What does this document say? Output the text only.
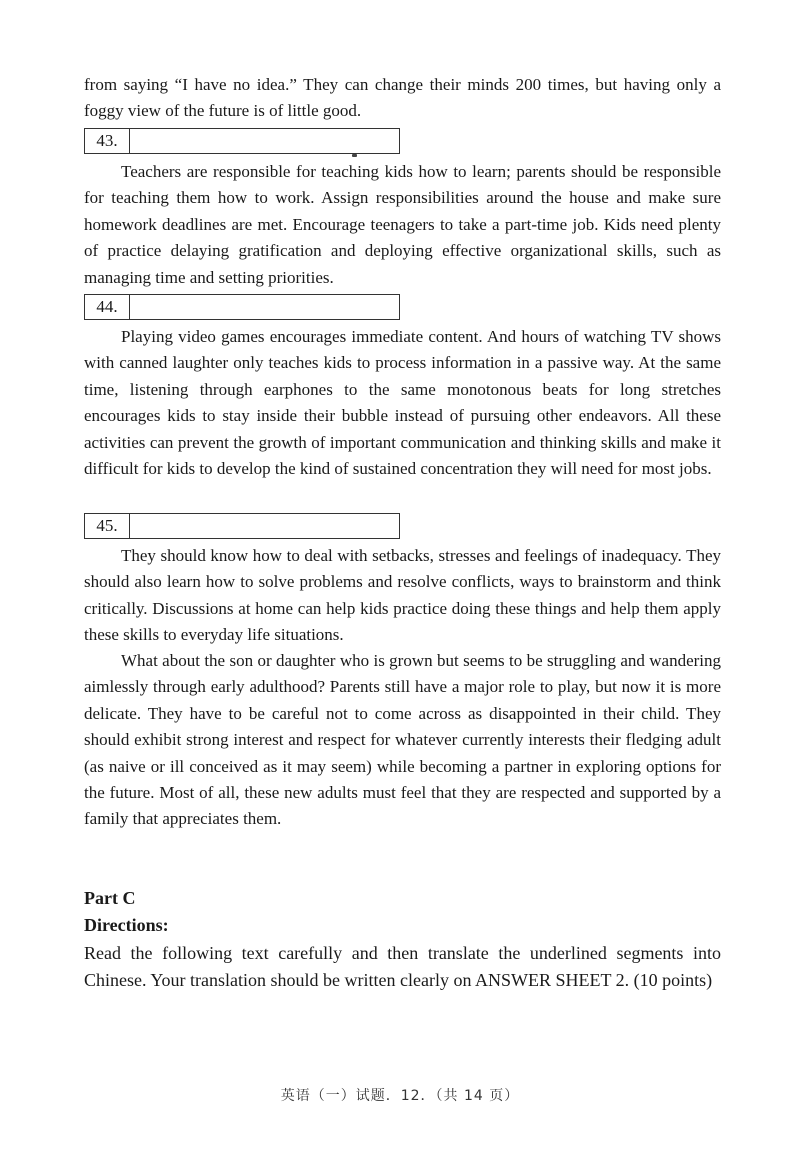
from saying “I have no idea.” They can change their minds 200 times, but having only a foggy view of the future is of little good.

43.

Teachers are responsible for teaching kids how to learn; parents should be responsible for teaching them how to work. Assign responsibilities around the house and make sure homework deadlines are met. Encourage teenagers to take a part-time job. Kids need plenty of practice delaying gratification and deploying effective organizational skills, such as managing time and setting priorities.

44.

Playing video games encourages immediate content. And hours of watching TV shows with canned laughter only teaches kids to process information in a passive way. At the same time, listening through earphones to the same monotonous beats for long stretches encourages kids to stay inside their bubble instead of pursuing other endeavors. All these activities can prevent the growth of important communication and thinking skills and make it difficult for kids to develop the kind of sustained concentration they will need for most jobs.

45.

They should know how to deal with setbacks, stresses and feelings of inadequacy. They should also learn how to solve problems and resolve conflicts, ways to brainstorm and think critically. Discussions at home can help kids practice doing these things and help them apply these skills to everyday life situations.

What about the son or daughter who is grown but seems to be struggling and wandering aimlessly through early adulthood? Parents still have a major role to play, but now it is more delicate. They have to be careful not to come across as disappointed in their child. They should exhibit strong interest and respect for whatever currently interests their fledging adult (as naive or ill conceived as it may seem) while becoming a partner in exploring options for the future. Most of all, these new adults must feel that they are respected and supported by a family that appreciates them.

Part C

Directions:

Read the following text carefully and then translate the underlined segments into Chinese. Your translation should be written clearly on ANSWER SHEET 2. (10 points)

英语（一）试题．12．（共 14 页）
